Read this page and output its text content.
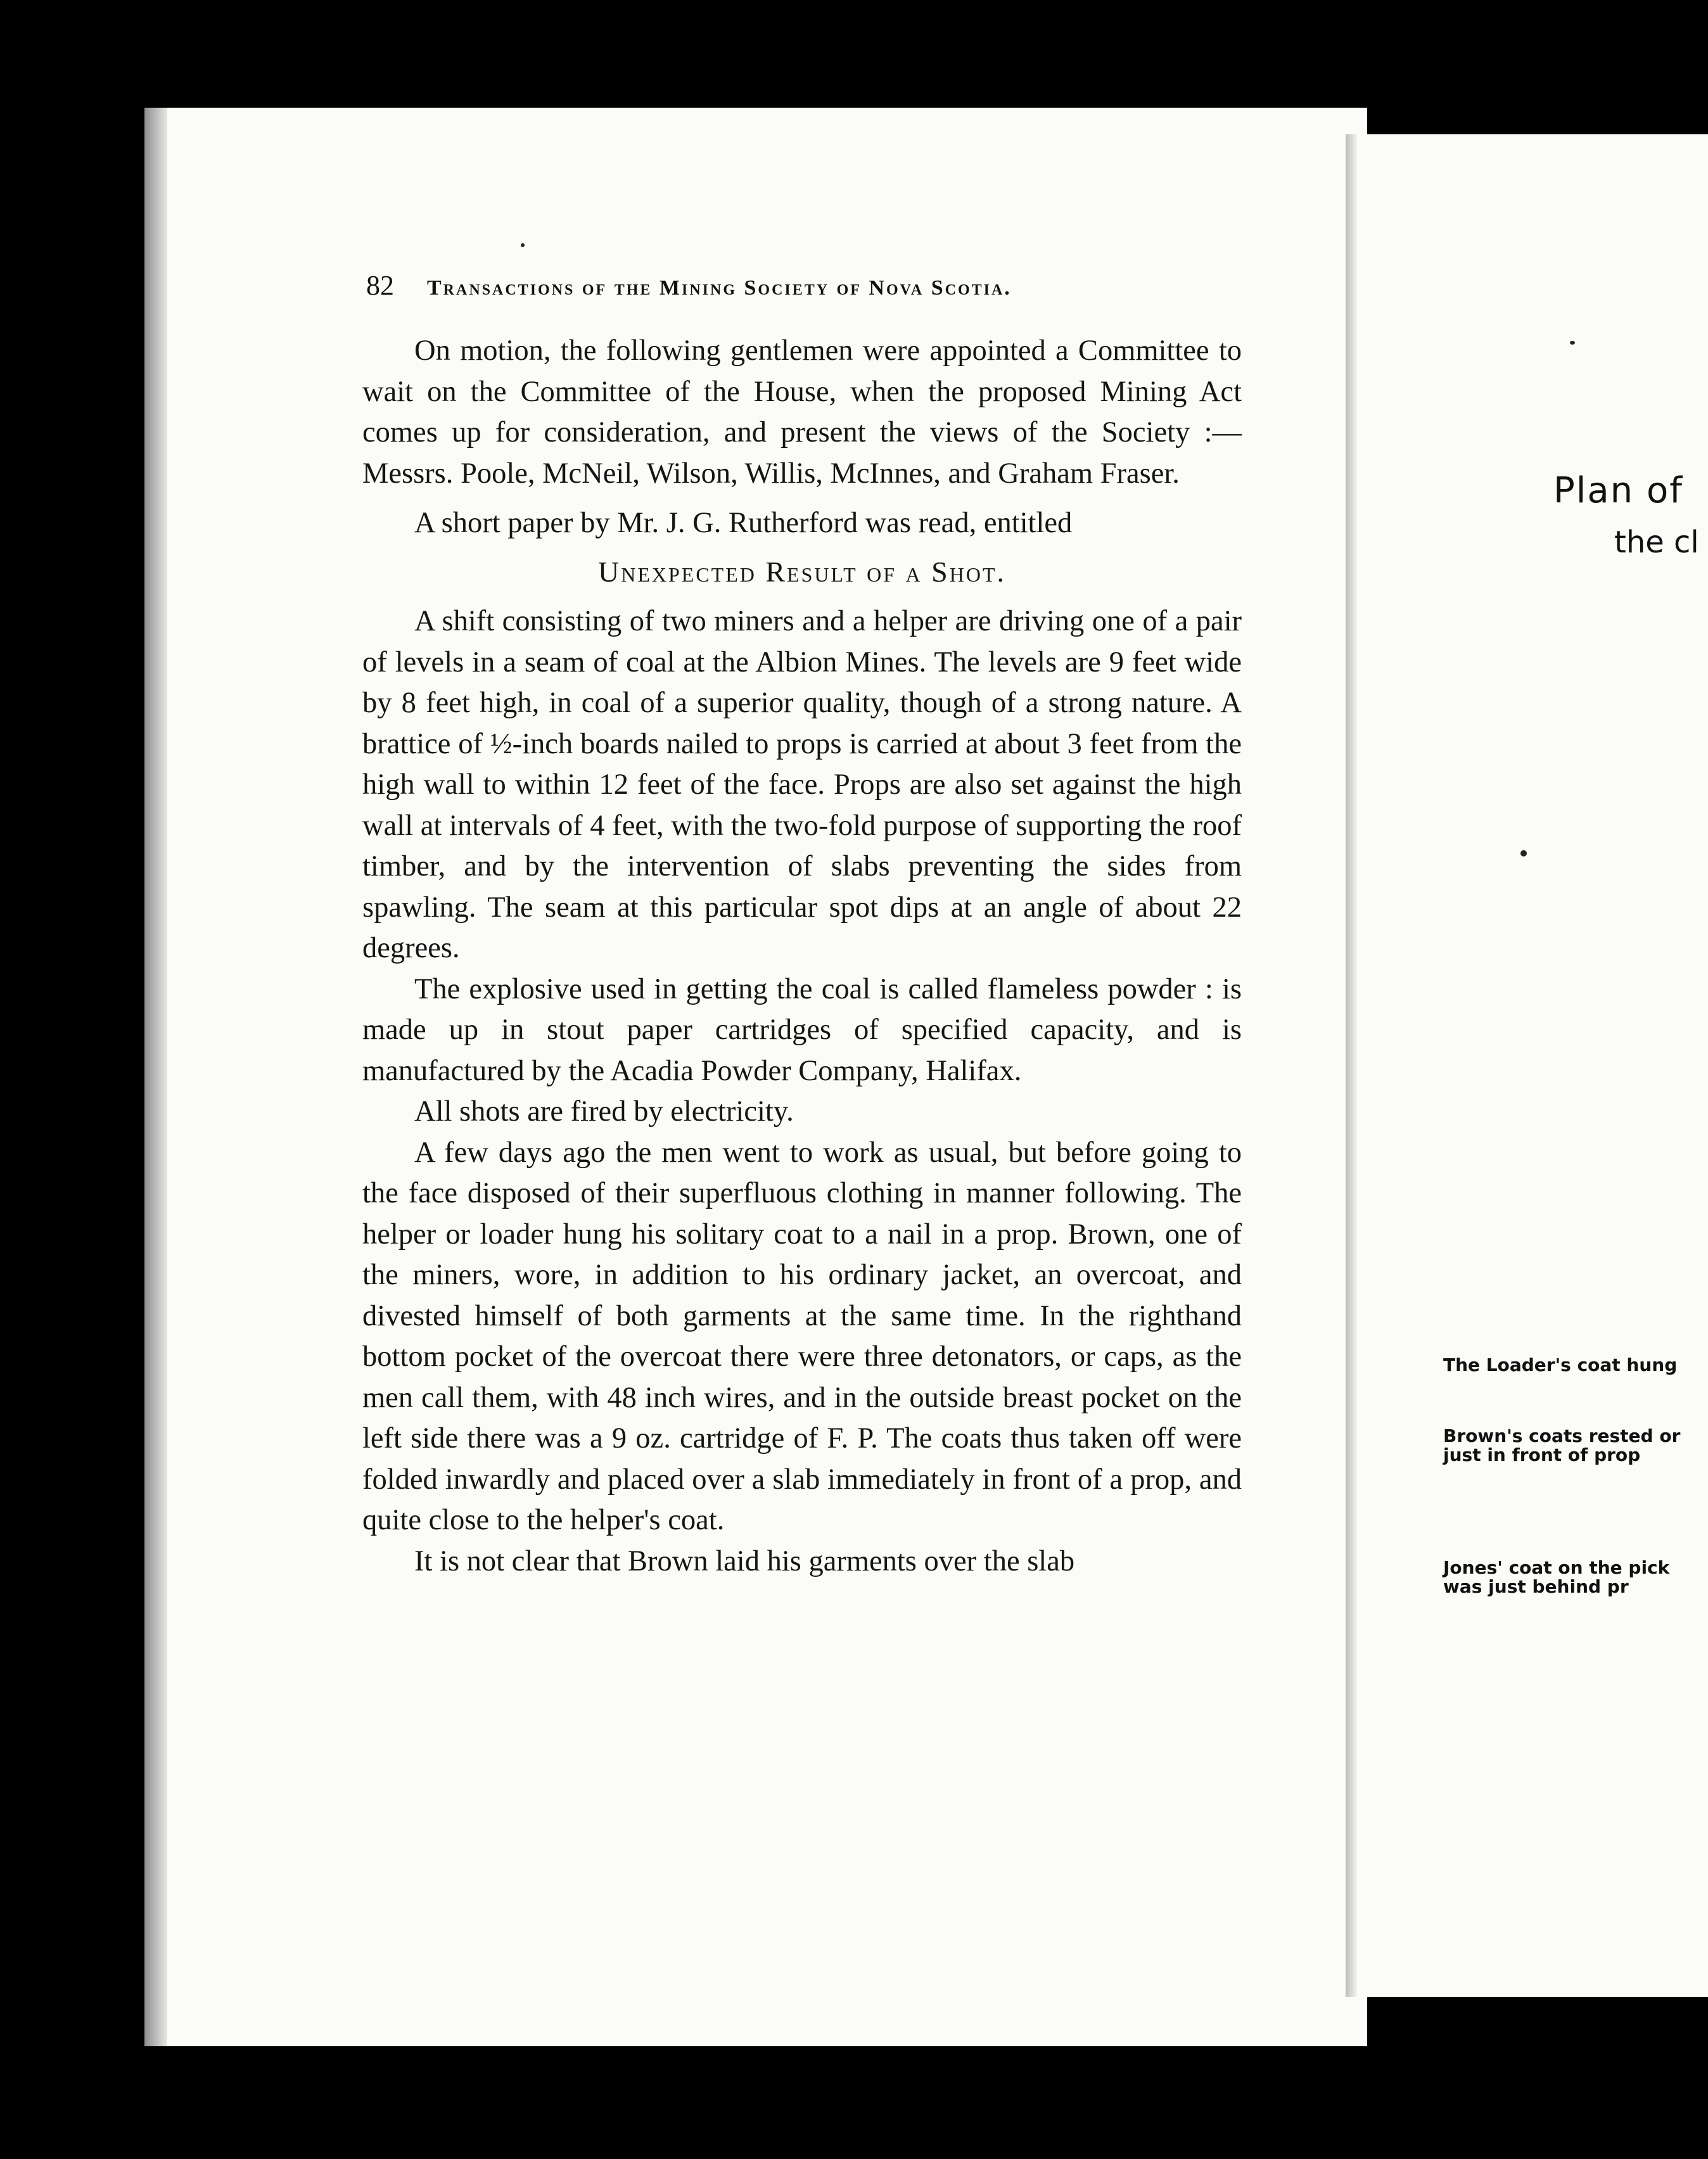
82 Transactions of the Mining Society of Nova Scotia.

On motion, the following gentlemen were appointed a Committee to wait on the Committee of the House, when the proposed Mining Act comes up for consideration, and present the views of the Society :—Messrs. Poole, McNeil, Wilson, Willis, McInnes, and Graham Fraser.

A short paper by Mr. J. G. Rutherford was read, entitled

Unexpected Result of a Shot.

A shift consisting of two miners and a helper are driving one of a pair of levels in a seam of coal at the Albion Mines. The levels are 9 feet wide by 8 feet high, in coal of a superior quality, though of a strong nature. A brattice of ½-inch boards nailed to props is carried at about 3 feet from the high wall to within 12 feet of the face. Props are also set against the high wall at intervals of 4 feet, with the two-fold purpose of supporting the roof timber, and by the intervention of slabs preventing the sides from spawling. The seam at this particular spot dips at an angle of about 22 degrees.

The explosive used in getting the coal is called flameless powder : is made up in stout paper cartridges of specified capacity, and is manufactured by the Acadia Powder Company, Halifax.

All shots are fired by electricity.

A few days ago the men went to work as usual, but before going to the face disposed of their superfluous clothing in manner following. The helper or loader hung his solitary coat to a nail in a prop. Brown, one of the miners, wore, in addition to his ordinary jacket, an overcoat, and divested himself of both garments at the same time. In the righthand bottom pocket of the overcoat there were three detonators, or caps, as the men call them, with 48 inch wires, and in the outside breast pocket on the left side there was a 9 oz. cartridge of F. P. The coats thus taken off were folded inwardly and placed over a slab immediately in front of a prop, and quite close to the helper's coat.

It is not clear that Brown laid his garments over the slab

Plan of
the cl
The Loader's coat hung
Brown's coats rested or
just in front of prop
Jones' coat on the pick
was just behind pr
